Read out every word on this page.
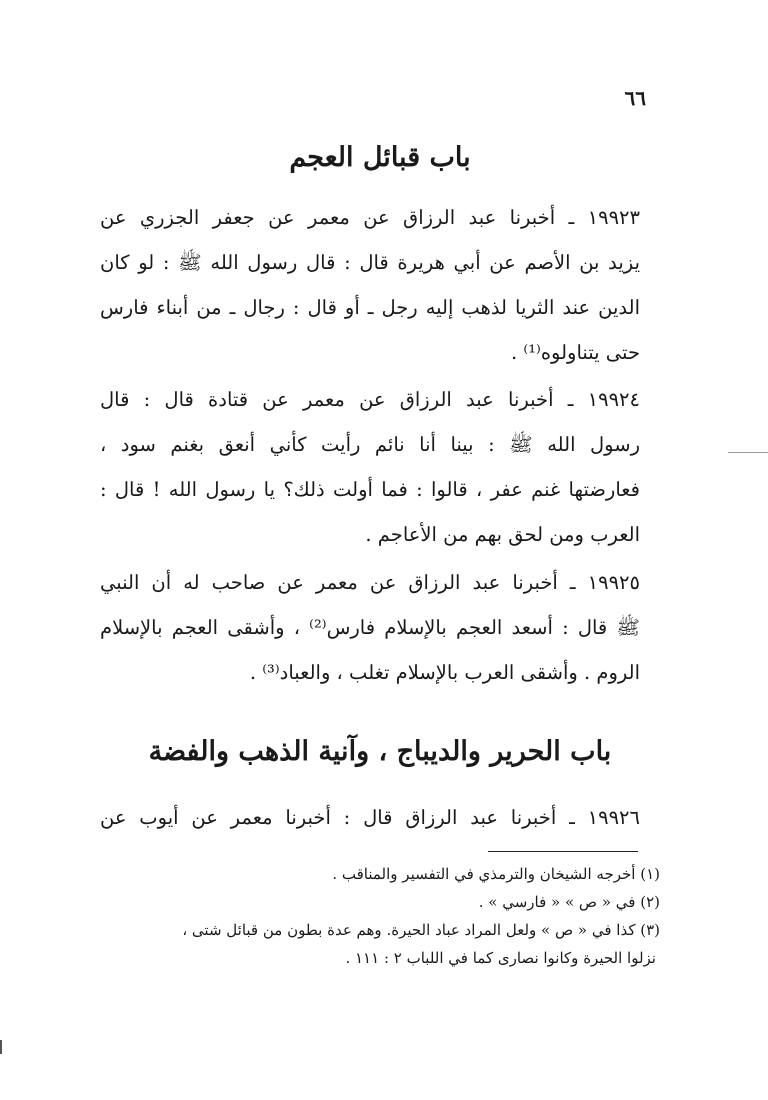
٦٦
باب قبائل العجم
١٩٩٢٣ ـ أخبرنا عبد الرزاق عن معمر عن جعفر الجزري عن
يزيد بن الأصم عن أبي هريرة قال : قال رسول الله ﷺ : لو كان
الدين عند الثريا لذهب إليه رجل ـ أو قال : رجال ـ من أبناء فارس
حتى يتناولوه⁽¹⁾ .
١٩٩٢٤ ـ أخبرنا عبد الرزاق عن معمر عن قتادة قال : قال
رسول الله ﷺ : بينا أنا نائم رأيت كأني أنعق بغنم سود ،
فعارضتها غنم عفر ، قالوا : فما أولت ذلك؟ يا رسول الله ! قال :
العرب ومن لحق بهم من الأعاجم .
١٩٩٢٥ ـ أخبرنا عبد الرزاق عن معمر عن صاحب له أن النبي
ﷺ قال : أسعد العجم بالإسلام فارس⁽²⁾ ، وأشقى العجم بالإسلام
الروم . وأشقى العرب بالإسلام تغلب ، والعباد⁽³⁾ .
باب الحرير والديباج ، وآنية الذهب والفضة
١٩٩٢٦ ـ أخبرنا عبد الرزاق قال : أخبرنا معمر عن أيوب عن
(١) أخرجه الشيخان والترمذي في التفسير والمناقب .
(٢) في « ص » « فارسي » .
(٣) كذا في « ص » ولعل المراد عباد الحيرة. وهم عدة بطون من قبائل شتى ،
نزلوا الحيرة وكانوا نصارى كما في اللباب ٢ : ١١١ .
